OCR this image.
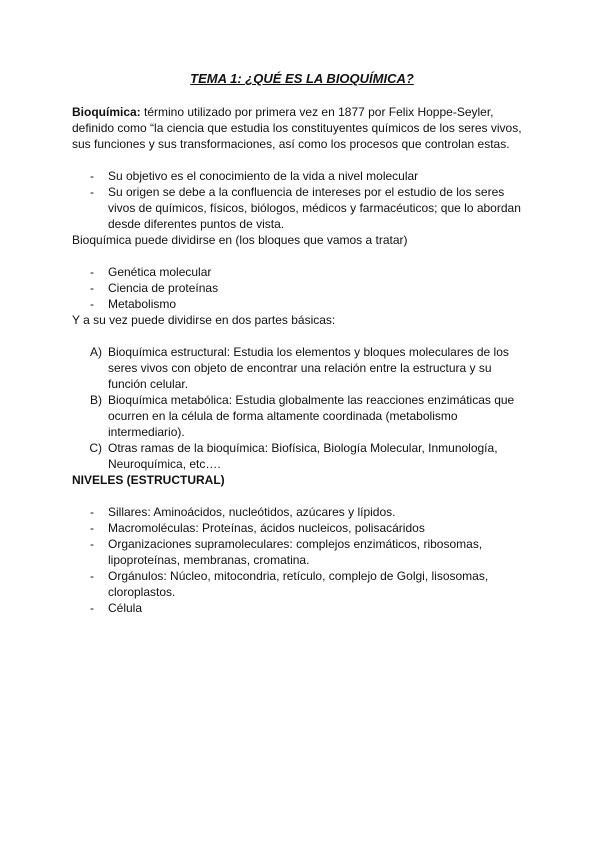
TEMA 1: ¿QUÉ ES LA BIOQUÍMICA?

Bioquímica: término utilizado por primera vez en 1877 por Felix Hoppe-Seyler, definido como “la ciencia que estudia los constituyentes químicos de los seres vivos, sus funciones y sus transformaciones, así como los procesos que controlan estas.

- Su objetivo es el conocimiento de la vida a nivel molecular
- Su origen se debe a la confluencia de intereses por el estudio de los seres vivos de químicos, físicos, biólogos, médicos y farmacéuticos; que lo abordan desde diferentes puntos de vista.

Bioquímica puede dividirse en (los bloques que vamos a tratar)

- Genética molecular
- Ciencia de proteínas
- Metabolismo

Y a su vez puede dividirse en dos partes básicas:

A) Bioquímica estructural: Estudia los elementos y bloques moleculares de los seres vivos con objeto de encontrar una relación entre la estructura y su función celular.
B) Bioquímica metabólica: Estudia globalmente las reacciones enzimáticas que ocurren en la célula de forma altamente coordinada (metabolismo intermediario).
C) Otras ramas de la bioquímica: Biofísica, Biología Molecular, Inmunología, Neuroquímica, etc….
NIVELES (ESTRUCTURAL)
- Sillares: Aminoácidos, nucleótidos, azúcares y lípidos.
- Macromoléculas: Proteínas, ácidos nucleicos, polisacáridos
- Organizaciones supramoleculares: complejos enzimáticos, ribosomas, lipoproteínas, membranas, cromatina.
- Orgánulos: Núcleo, mitocondria, retículo, complejo de Golgi, lisosomas, cloroplastos.
- Célula
